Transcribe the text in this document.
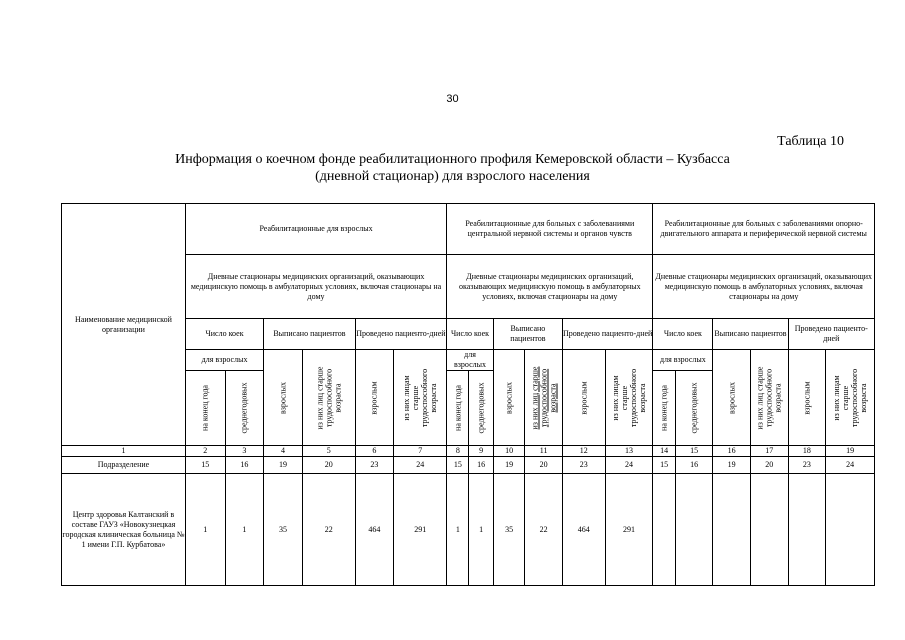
30
Таблица 10
Информация о коечном фонде реабилитационного профиля Кемеровской области – Кузбасса
(дневной стационар) для взрослого населения
Наименование медицинской организации	Реабилитационные для взрослых						Реабилитационные для больных с заболеваниями центральной нервной системы и органов чувств						Реабилитационные для больных с заболеваниями опорно-двигательного аппарата и периферической нервной системы					
	Дневные стационары медицинских организаций, оказывающих медицинскую помощь в амбулаторных условиях, включая стационары на дому						Дневные стационары медицинских организаций, оказывающих медицинскую помощь в амбулаторных условиях, включая стационары на дому						Дневные стационары медицинских организаций, оказывающих медицинскую помощь в амбулаторных условиях, включая стационары на дому					
	Число коек		Выписано пациентов		Проведено пациенто-дней		Число коек		Выписано пациентов		Проведено пациенто-дней		Число коек		Выписано пациентов		Проведено пациенто-дней	
	для взрослых		взрослых	из них лиц старше трудоспособного возраста	взрослым	из них лицам старше трудоспособного возраста	для взрослых		взрослых	из них лиц старше трудоспособного возраста	взрослым	из них лицам старше трудоспособного возраста	для взрослых		взрослых	из них лиц старше трудоспособного возраста	взрослым	из них лицам старше трудоспособного возраста

	на конец года	среднегодовых					на конец года	среднегодовых					на конец года	среднегодовых				

1	2	3	4	5	6	7	8	9	10	11	12	13	14	15	16	17	18	19
Подразделение	15	16	19	20	23	24	15	16	19	20	23	24	15	16	19	20	23	24
Центр здоровья Калтанский в составе ГАУЗ «Новокузнецкая городская клиническая больница № 1 имени Г.П. Курбатова»	1	1	35	22	464	291	1	1	35	22	464	291						
